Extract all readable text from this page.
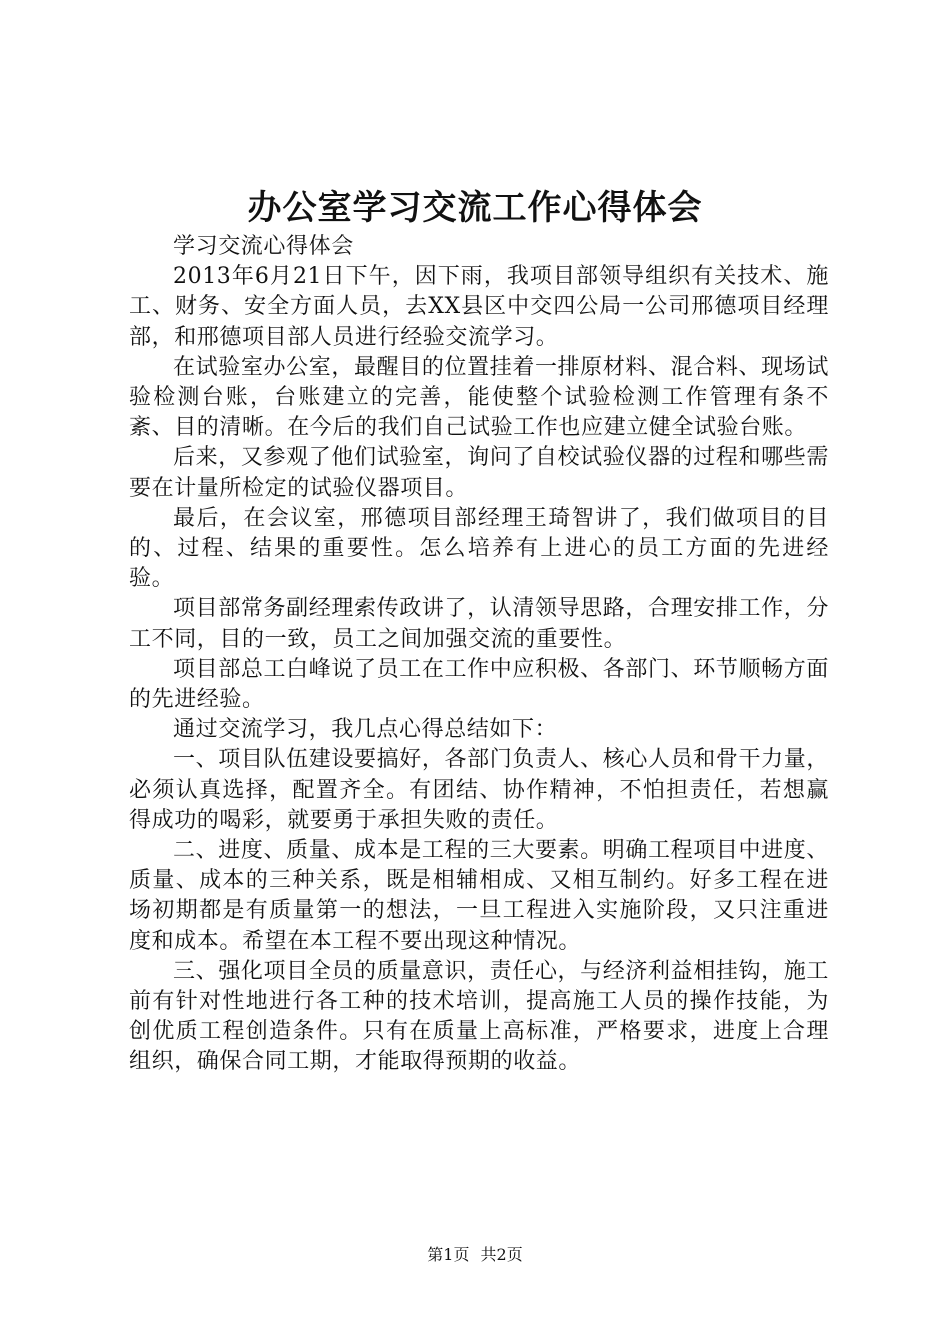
办公室学习交流工作心得体会

学习交流心得体会

2013年6月21日下午，因下雨，我项目部领导组织有关技术、施工、财务、安全方面人员，去XX县区中交四公局一公司邢德项目经理部，和邢德项目部人员进行经验交流学习。

在试验室办公室，最醒目的位置挂着一排原材料、混合料、现场试验检测台账，台账建立的完善，能使整个试验检测工作管理有条不紊、目的清晰。在今后的我们自己试验工作也应建立健全试验台账。

后来，又参观了他们试验室，询问了自校试验仪器的过程和哪些需要在计量所检定的试验仪器项目。

最后，在会议室，邢德项目部经理王琦智讲了，我们做项目的目的、过程、结果的重要性。怎么培养有上进心的员工方面的先进经验。

项目部常务副经理索传政讲了，认清领导思路，合理安排工作，分工不同，目的一致，员工之间加强交流的重要性。

项目部总工白峰说了员工在工作中应积极、各部门、环节顺畅方面的先进经验。

通过交流学习，我几点心得总结如下：

一、项目队伍建设要搞好，各部门负责人、核心人员和骨干力量，必须认真选择，配置齐全。有团结、协作精神，不怕担责任，若想赢得成功的喝彩，就要勇于承担失败的责任。

二、进度、质量、成本是工程的三大要素。明确工程项目中进度、质量、成本的三种关系，既是相辅相成、又相互制约。好多工程在进场初期都是有质量第一的想法，一旦工程进入实施阶段，又只注重进度和成本。希望在本工程不要出现这种情况。

三、强化项目全员的质量意识，责任心，与经济利益相挂钩，施工前有针对性地进行各工种的技术培训，提高施工人员的操作技能，为创优质工程创造条件。只有在质量上高标准，严格要求，进度上合理组织，确保合同工期，才能取得预期的收益。

第1页 共2页
